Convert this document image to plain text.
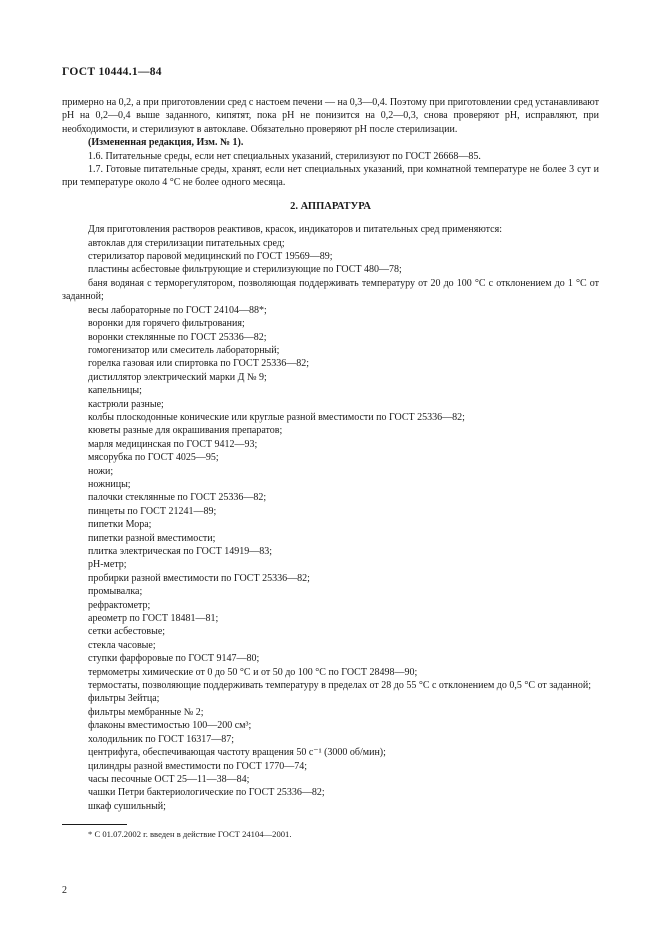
ГОСТ 10444.1—84

примерно на 0,2, а при приготовлении сред с настоем печени — на 0,3—0,4. Поэтому при приготовлении сред устанавливают рН на 0,2—0,4 выше заданного, кипятят, пока рН не понизится на 0,2—0,3, снова проверяют рН, исправляют, при необходимости, и стерилизуют в автоклаве. Обязательно проверяют рН после стерилизации.

(Измененная редакция, Изм. № 1).

1.6. Питательные среды, если нет специальных указаний, стерилизуют по ГОСТ 26668—85.

1.7. Готовые питательные среды, хранят, если нет специальных указаний, при комнатной температуре не более 3 сут и при температуре около 4 °С не более одного месяца.

2. АППАРАТУРА

Для приготовления растворов реактивов, красок, индикаторов и питательных сред применяются:

автоклав для стерилизации питательных сред;

стерилизатор паровой медицинский по ГОСТ 19569—89;

пластины асбестовые фильтрующие и стерилизующие по ГОСТ 480—78;

баня водяная с терморегулятором, позволяющая поддерживать температуру от 20 до 100 °С с отклонением до 1 °С от заданной;

весы лабораторные по ГОСТ 24104—88*;

воронки для горячего фильтрования;

воронки стеклянные по ГОСТ 25336—82;

гомогенизатор или смеситель лабораторный;

горелка газовая или спиртовка по ГОСТ 25336—82;

дистиллятор электрический марки Д № 9;

капельницы;

кастрюли разные;

колбы плоскодонные конические или круглые разной вместимости по ГОСТ 25336—82;

кюветы разные для окрашивания препаратов;

марля медицинская по ГОСТ 9412—93;

мясорубка по ГОСТ 4025—95;

ножи;

ножницы;

палочки стеклянные по ГОСТ 25336—82;

пинцеты по ГОСТ 21241—89;

пипетки Мора;

пипетки разной вместимости;

плитка электрическая по ГОСТ 14919—83;

рН-метр;

пробирки разной вместимости по ГОСТ 25336—82;

промывалка;

рефрактометр;

ареометр по ГОСТ 18481—81;

сетки асбестовые;

стекла часовые;

ступки фарфоровые по ГОСТ 9147—80;

термометры химические от 0 до 50 °С и от 50 до 100 °С по ГОСТ 28498—90;

термостаты, позволяющие поддерживать температуру в пределах от 28 до 55 °С с отклонением до 0,5 °С от заданной;

фильтры Зейтца;

фильтры мембранные № 2;

флаконы вместимостью 100—200 см³;

холодильник по ГОСТ 16317—87;

центрифуга, обеспечивающая частоту вращения 50 с⁻¹ (3000 об/мин);

цилиндры разной вместимости по ГОСТ 1770—74;

часы песочные ОСТ 25—11—38—84;

чашки Петри бактериологические по ГОСТ 25336—82;

шкаф сушильный;

* С 01.07.2002 г. введен в действие ГОСТ 24104—2001.
2
